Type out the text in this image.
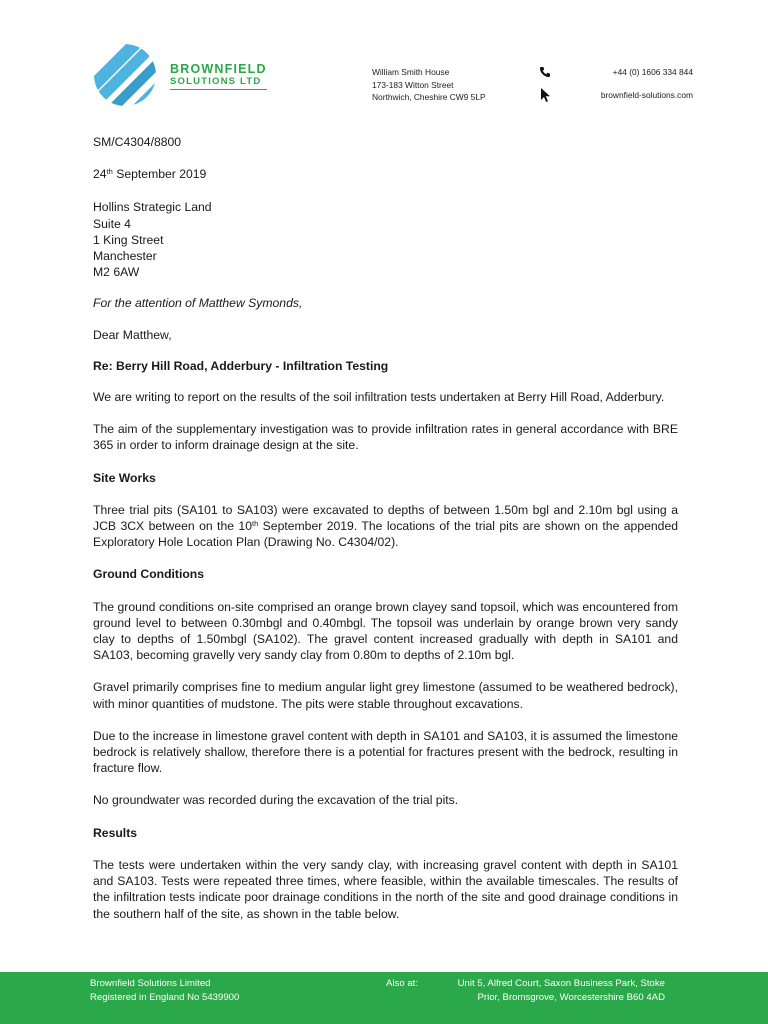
BROWNFIELD
SOLUTIONS LTD
William Smith House
173-183 Witton Street
Northwich, Cheshire CW9 5LP
+44 (0) 1606 334 844
brownfield-solutions.com

SM/C4304/8800

24th September 2019

Hollins Strategic Land
Suite 4
1 King Street
Manchester
M2 6AW

For the attention of Matthew Symonds,

Dear Matthew,

Re: Berry Hill Road, Adderbury - Infiltration Testing

We are writing to report on the results of the soil infiltration tests undertaken at Berry Hill Road, Adderbury.

The aim of the supplementary investigation was to provide infiltration rates in general accordance with BRE 365 in order to inform drainage design at the site.

Site Works

Three trial pits (SA101 to SA103) were excavated to depths of between 1.50m bgl and 2.10m bgl using a JCB 3CX between on the 10th September 2019. The locations of the trial pits are shown on the appended Exploratory Hole Location Plan (Drawing No. C4304/02).

Ground Conditions

The ground conditions on-site comprised an orange brown clayey sand topsoil, which was encountered from ground level to between 0.30mbgl and 0.40mbgl. The topsoil was underlain by orange brown very sandy clay to depths of 1.50mbgl (SA102). The gravel content increased gradually with depth in SA101 and SA103, becoming gravelly very sandy clay from 0.80m to depths of 2.10m bgl.

Gravel primarily comprises fine to medium angular light grey limestone (assumed to be weathered bedrock), with minor quantities of mudstone. The pits were stable throughout excavations.

Due to the increase in limestone gravel content with depth in SA101 and SA103, it is assumed the limestone bedrock is relatively shallow, therefore there is a potential for fractures present with the bedrock, resulting in fracture flow.

No groundwater was recorded during the excavation of the trial pits.

Results

The tests were undertaken within the very sandy clay, with increasing gravel content with depth in SA101 and SA103. Tests were repeated three times, where feasible, within the available timescales. The results of the infiltration tests indicate poor drainage conditions in the north of the site and good drainage conditions in the southern half of the site, as shown in the table below.

Brownfield Solutions Limited
Registered in England No 5439900
Also at:	Unit 5, Alfred Court, Saxon Business Park, Stoke
Prior, Bromsgrove, Worcestershire B60 4AD
